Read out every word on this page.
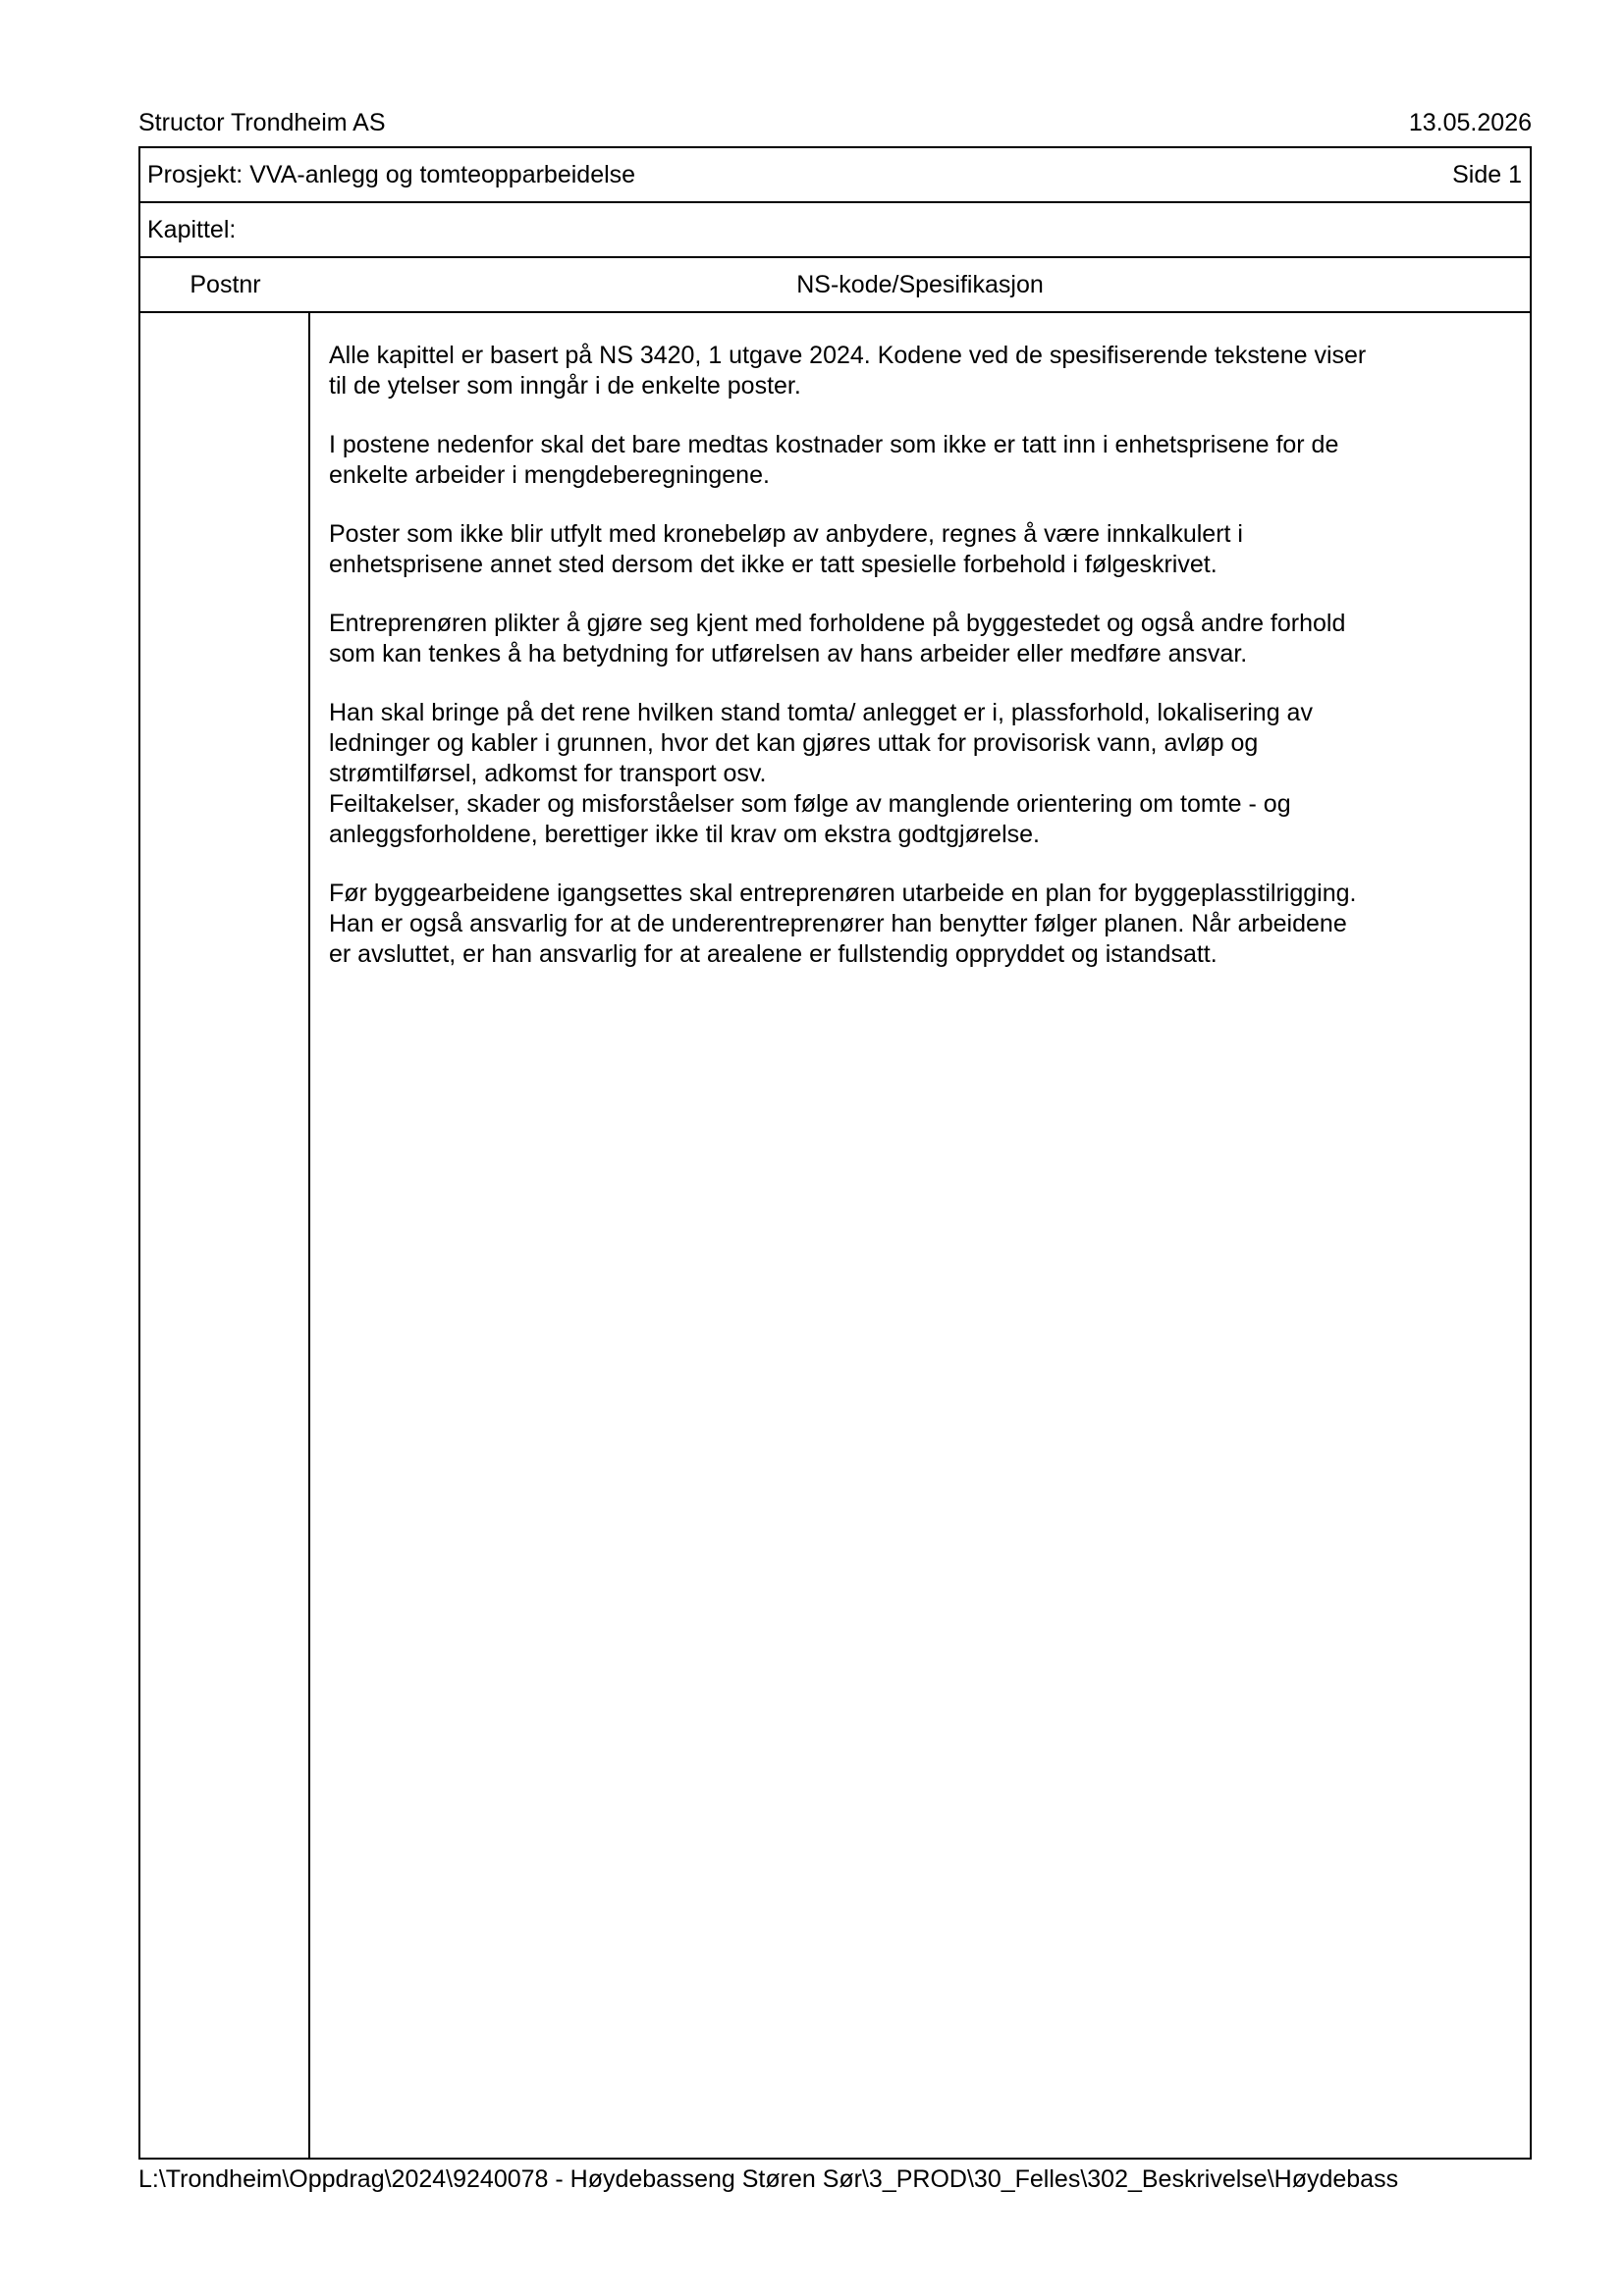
Structor Trondheim AS	13.05.2026
Prosjekt: VVA-anlegg og tomteopparbeidelse	Side 1
Kapittel:
Postnr	NS-kode/Spesifikasjon

Alle kapittel er basert på NS 3420, 1 utgave 2024. Kodene ved de spesifiserende tekstene viser
til de ytelser som inngår i de enkelte poster.

I postene nedenfor skal det bare medtas kostnader som ikke er tatt inn i enhetsprisene for de
enkelte arbeider i mengdeberegningene.

Poster som ikke blir utfylt med kronebeløp av anbydere, regnes å være innkalkulert i
enhetsprisene annet sted dersom det ikke er tatt spesielle forbehold i følgeskrivet.

Entreprenøren plikter å gjøre seg kjent med forholdene på byggestedet og også andre forhold
som kan tenkes å ha betydning for utførelsen av hans arbeider eller medføre ansvar.

Han skal bringe på det rene hvilken stand tomta/ anlegget er i, plassforhold, lokalisering av
ledninger og kabler i grunnen, hvor det kan gjøres uttak for provisorisk vann, avløp og
strømtilførsel, adkomst for transport osv.
Feiltakelser, skader og misforståelser som følge av manglende orientering om tomte - og
anleggsforholdene, berettiger ikke til krav om ekstra godtgjørelse.

Før byggearbeidene igangsettes skal entreprenøren utarbeide en plan for byggeplasstilrigging.
Han er også ansvarlig for at de underentreprenører han benytter følger planen. Når arbeidene
er avsluttet, er han ansvarlig for at arealene er fullstendig oppryddet og istandsatt.

L:\Trondheim\Oppdrag\2024\9240078 - Høydebasseng Støren Sør\3_PROD\30_Felles\302_Beskrivelse\Høydebass
